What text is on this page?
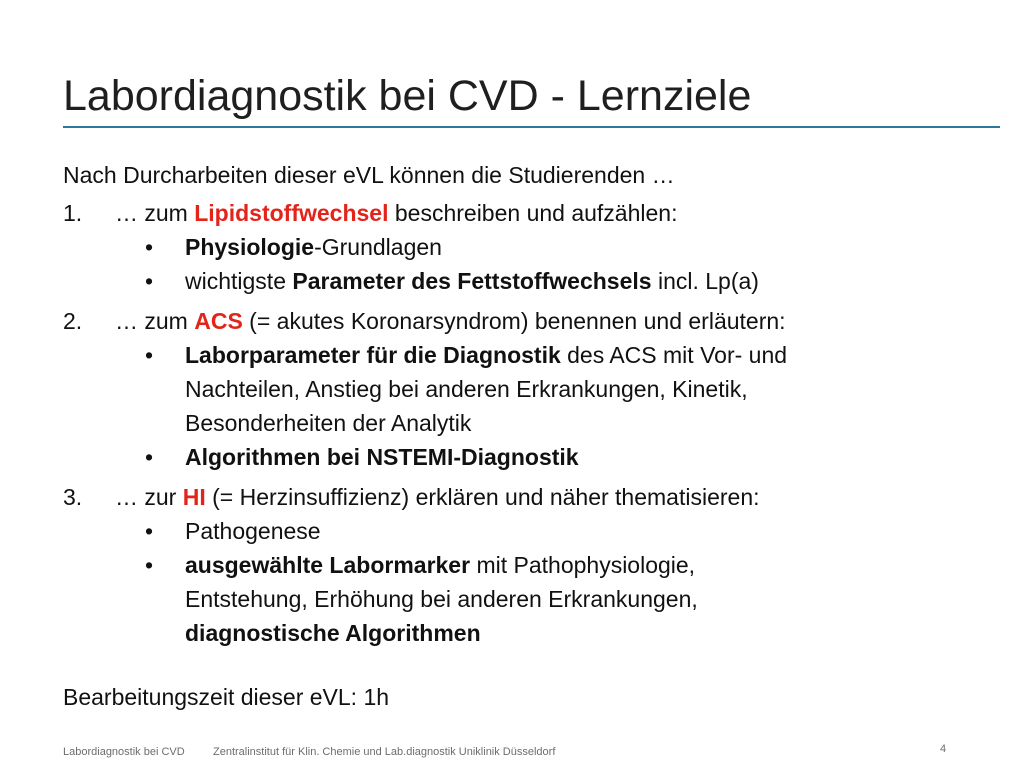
Labordiagnostik bei CVD - Lernziele

Nach Durcharbeiten dieser eVL können die Studierenden …

1.	… zum Lipidstoffwechsel beschreiben und aufzählen:

• Physiologie-Grundlagen
• wichtigste Parameter des Fettstoffwechsels incl. Lp(a)
2.	… zum ACS (= akutes Koronarsyndrom) benennen und erläutern:

• Laborparameter für die Diagnostik des ACS mit Vor- und
Nachteilen, Anstieg bei anderen Erkrankungen, Kinetik,
Besonderheiten der Analytik
• Algorithmen bei NSTEMI-Diagnostik
3.	… zur HI (= Herzinsuffizienz) erklären und näher thematisieren:

• Pathogenese
• ausgewählte Labormarker mit Pathophysiologie,
Entstehung, Erhöhung bei anderen Erkrankungen,
diagnostische Algorithmen

Bearbeitungszeit dieser eVL: 1h

Labordiagnostik bei CVD	Zentralinstitut für Klin. Chemie und Lab.diagnostik Uniklinik Düsseldorf	4
